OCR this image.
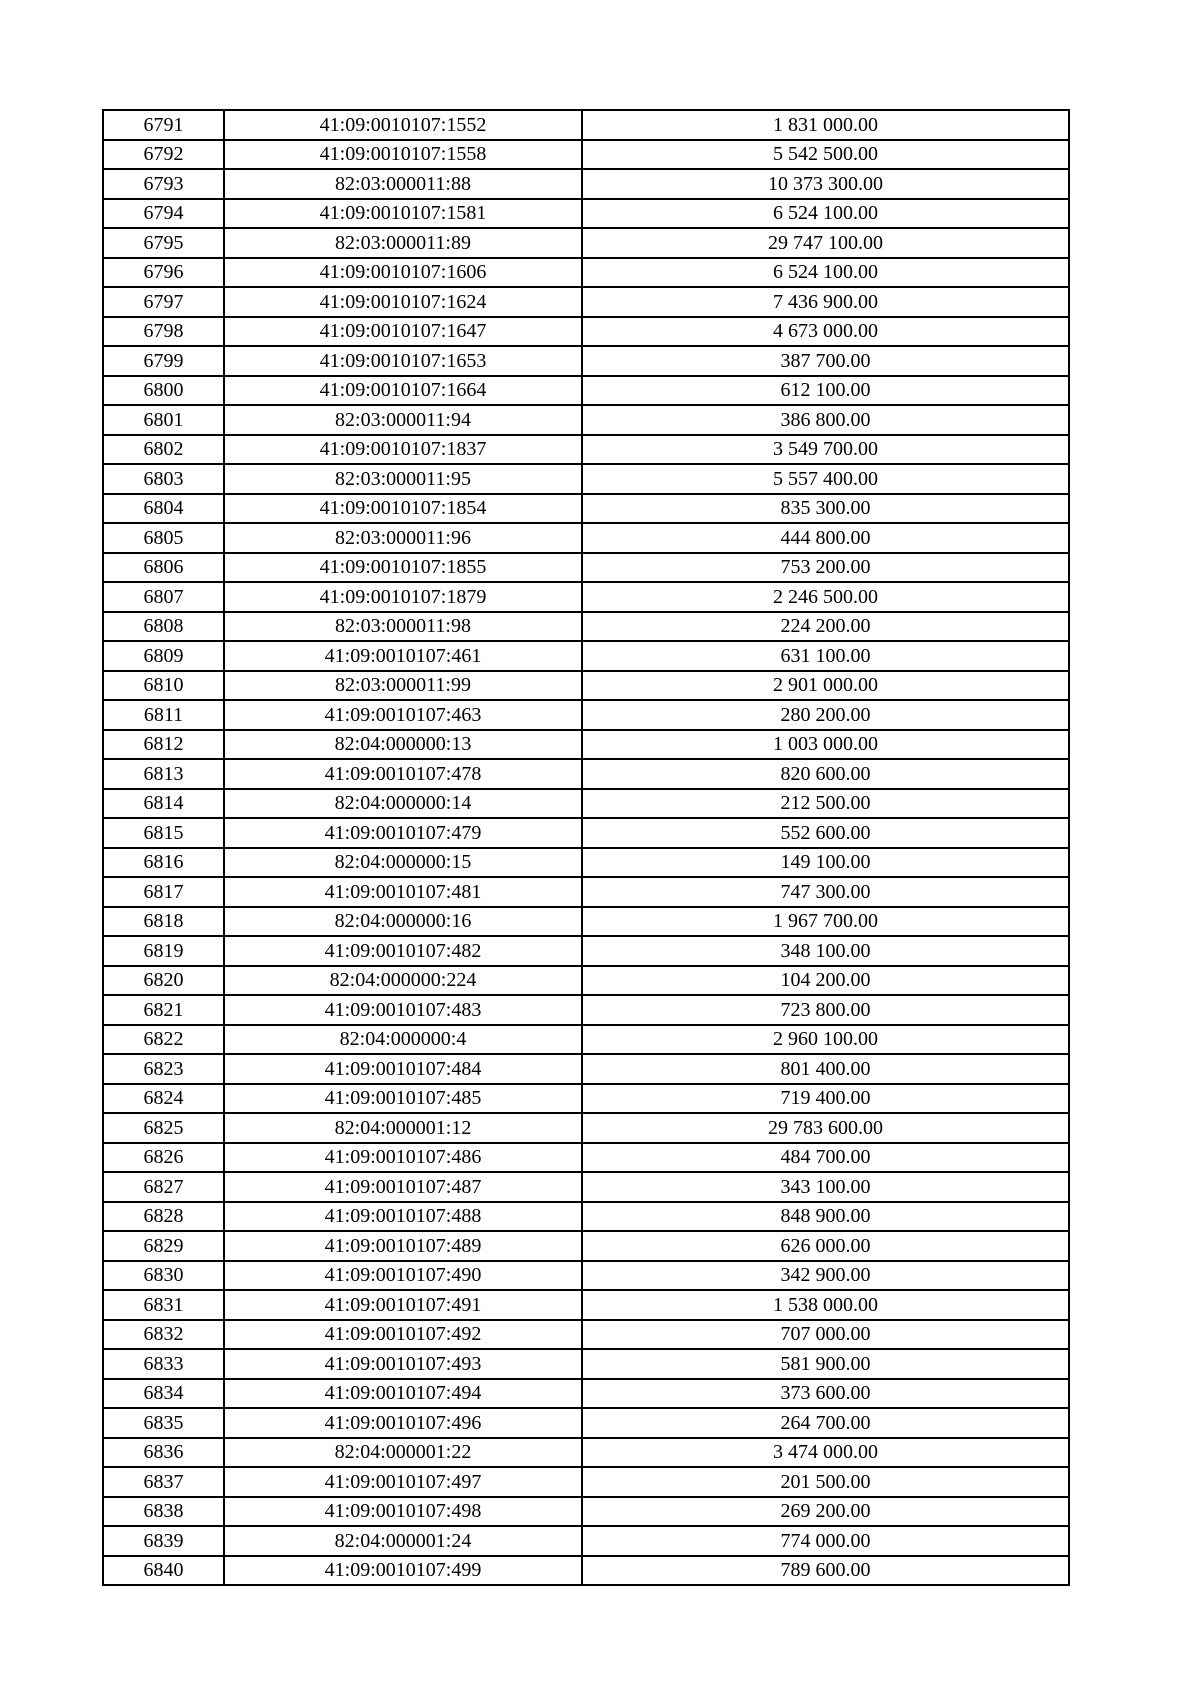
6791	41:09:0010107:1552	1 831 000.00
6792	41:09:0010107:1558	5 542 500.00
6793	82:03:000011:88	10 373 300.00
6794	41:09:0010107:1581	6 524 100.00
6795	82:03:000011:89	29 747 100.00
6796	41:09:0010107:1606	6 524 100.00
6797	41:09:0010107:1624	7 436 900.00
6798	41:09:0010107:1647	4 673 000.00
6799	41:09:0010107:1653	387 700.00
6800	41:09:0010107:1664	612 100.00
6801	82:03:000011:94	386 800.00
6802	41:09:0010107:1837	3 549 700.00
6803	82:03:000011:95	5 557 400.00
6804	41:09:0010107:1854	835 300.00
6805	82:03:000011:96	444 800.00
6806	41:09:0010107:1855	753 200.00
6807	41:09:0010107:1879	2 246 500.00
6808	82:03:000011:98	224 200.00
6809	41:09:0010107:461	631 100.00
6810	82:03:000011:99	2 901 000.00
6811	41:09:0010107:463	280 200.00
6812	82:04:000000:13	1 003 000.00
6813	41:09:0010107:478	820 600.00
6814	82:04:000000:14	212 500.00
6815	41:09:0010107:479	552 600.00
6816	82:04:000000:15	149 100.00
6817	41:09:0010107:481	747 300.00
6818	82:04:000000:16	1 967 700.00
6819	41:09:0010107:482	348 100.00
6820	82:04:000000:224	104 200.00
6821	41:09:0010107:483	723 800.00
6822	82:04:000000:4	2 960 100.00
6823	41:09:0010107:484	801 400.00
6824	41:09:0010107:485	719 400.00
6825	82:04:000001:12	29 783 600.00
6826	41:09:0010107:486	484 700.00
6827	41:09:0010107:487	343 100.00
6828	41:09:0010107:488	848 900.00
6829	41:09:0010107:489	626 000.00
6830	41:09:0010107:490	342 900.00
6831	41:09:0010107:491	1 538 000.00
6832	41:09:0010107:492	707 000.00
6833	41:09:0010107:493	581 900.00
6834	41:09:0010107:494	373 600.00
6835	41:09:0010107:496	264 700.00
6836	82:04:000001:22	3 474 000.00
6837	41:09:0010107:497	201 500.00
6838	41:09:0010107:498	269 200.00
6839	82:04:000001:24	774 000.00
6840	41:09:0010107:499	789 600.00
